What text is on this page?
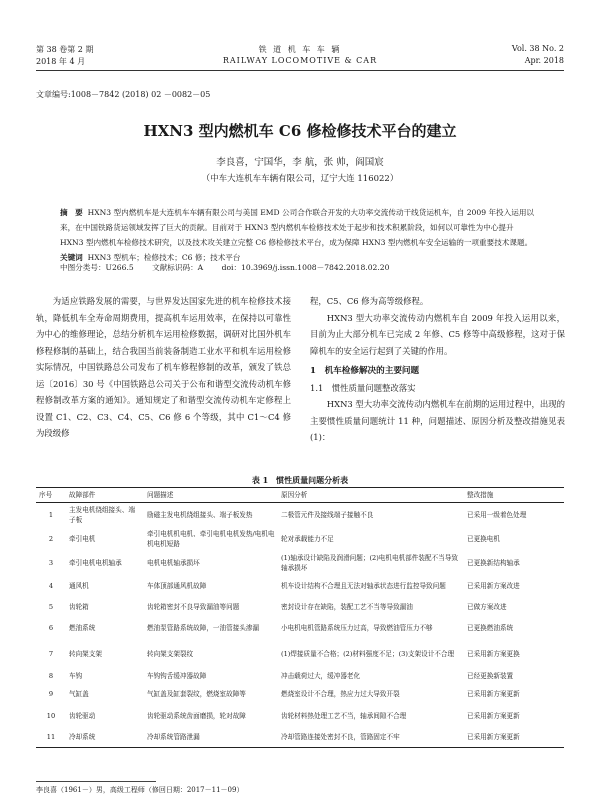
第 38 卷第 2 期	铁 道 机 车 车 辆	Vol. 38 No. 2
2018 年 4 月	RAILWAY LOCOMOTIVE & CAR	Apr. 2018
文章编号:1008－7842 (2018) 02 －0082－05
HXN3 型内燃机车 C6 修检修技术平台的建立
李良喜，宁国华，李 航，张 帅，阎国宸
（中车大连机车车辆有限公司，辽宁大连 116022）
摘　要 HXN3 型内燃机车是大连机车车辆有限公司与美国 EMD 公司合作联合开发的大功率交流传动干线货运机车，自 2009 年投入运用以来，在中国铁路货运领域发挥了巨大的贡献。目前对于 HXN3 型内燃机车检修技术处于起步和技术积累阶段，如何以可靠性为中心提升 HXN3 型内燃机车检修技术研究，以及技术攻关建立完整 C6 修检修技术平台，成为保障 HXN3 型内燃机车安全运输的一项重要技术课题。
关键词 HXN3 型机车；检修技术；C6 修；技术平台
中图分类号：U266.5 文献标识码：A doi：10.3969/j.issn.1008－7842.2018.02.20

为适应铁路发展的需要，与世界发达国家先进的机车检修技术接轨，降低机车全寿命周期费用，提高机车运用效率，在保持以可靠性为中心的维修理论，总结分析机车运用检修数据，调研对比国外机车修程修制的基础上，结合我国当前装备制造工业水平和机车运用检修实际情况，中国铁路总公司发布了机车修程修制的改革，颁发了铁总运〔2016〕30 号《中国铁路总公司关于公布和谐型交流传动机车修程修制改革方案的通知》。通知规定了和谐型交流传动机车定修程上设置 C1、C2、C3、C4、C5、C6 修 6 个等级，其中 C1～C4 修为段级修

程，C5、C6 修为高等级修程。

HXN3 型大功率交流传动内燃机车自 2009 年投入运用以来，目前为止大部分机车已完成 2 年修、C5 修等中高级修程，这对于保障机车的安全运行起到了关键的作用。

1　机车检修解决的主要问题
1.1　惯性质量问题整改落实

HXN3 型大功率交流传动内燃机车在前期的运用过程中，出现的主要惯性质量问题统计 11 种，问题描述、原因分析及整改措施见表(1)：

表 1　惯性质量问题分析表
序号	故障部件	问题描述	原因分析	整改措施
1	主发电机绕组接头、端子板	励磁主发电机绕组接头、端子板发热	二极管元件及接线端子接触不良	已采用一级着色处理
2	牵引电机	牵引电机机电机、牵引电机电机发热/电机电机电机短路	轮对承载能力不足	已更换电机
3	牵引电机电机轴承	电机电机轴承损坏	(1)轴承设计缺陷及润滑问题；(2)电机电机部件装配不当导致轴承损坏	已更换新结构轴承
4	通风机	车体顶部通风机故障	机车设计结构不合理且无法对轴承状态进行监控导致问题	已采用新方案改进
5	齿轮箱	齿轮箱密封不良导致漏油等问题	密封设计存在缺陷，装配工艺不当等导致漏油	已做方案改进
6	燃油系统	燃油泵管路系统故障，一油管接头渗漏	小电机电机管路系统压力过高，导致燃油管压力不够	已更换燃油系统
7	转向架支架	转向架支架裂纹	(1)焊接质量不合格；(2)材料强度不足；(3)支架设计不合理	已采用新方案更换
8	车钩	车钩钩舌缓冲器故障	冲击载荷过大，缓冲器老化	已经更换新装置
9	气缸盖	气缸盖及缸套裂纹，燃烧室故障等	燃烧室设计不合理，热应力过大导致开裂	已采用新方案更新
10	齿轮驱动	齿轮驱动系统齿面磨损，轮对故障	齿轮材料热处理工艺不当，轴承间隙不合理	已采用新方案更新
11	冷却系统	冷却系统管路泄漏	冷却管路连接处密封不良，管路固定不牢	已采用新方案更新
李良喜（1961－）男，高级工程师（修回日期：2017－11－09）
